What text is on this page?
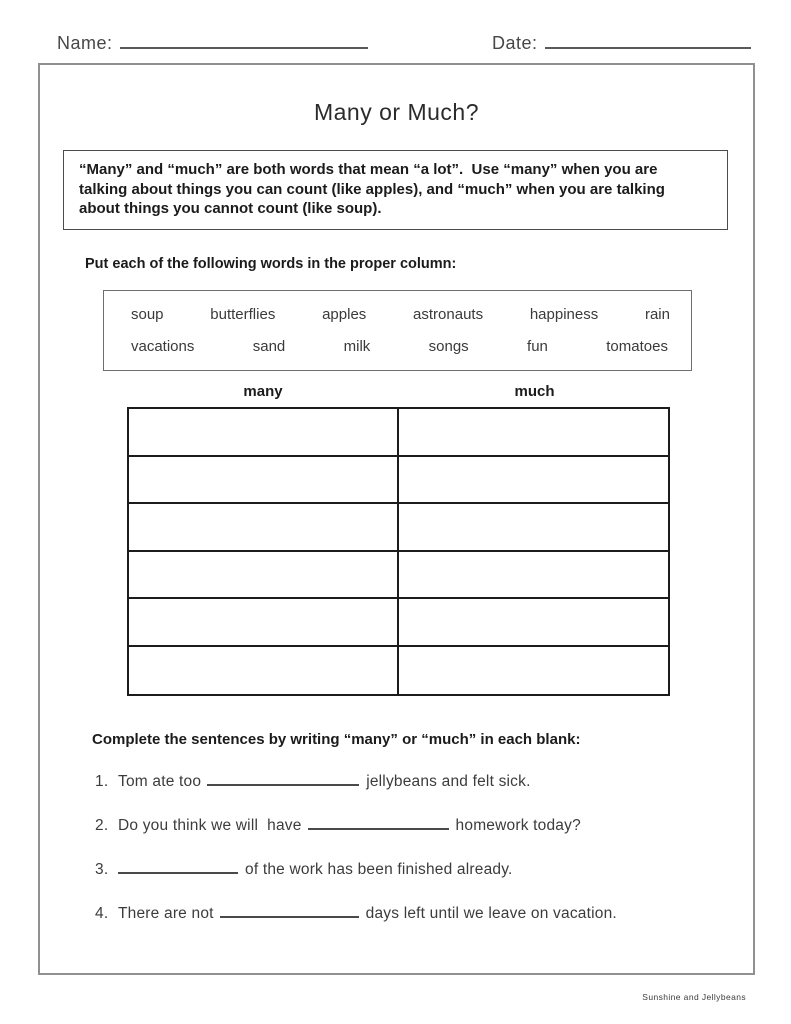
Name:	Date:
Many or Much?
“Many” and “much” are both words that mean “a lot”.  Use “many” when you are
talking about things you can count (like apples), and “much” when you are talking
about things you cannot count (like soup).
Put each of the following words in the proper column:
soup	butterflies	apples	astronauts	happiness	rain
vacations	sand	milk	songs	fun	tomatoes
many	much
Complete the sentences by writing “many” or “much” in each blank:
1. Tom ate too	jellybeans and felt sick.
2. Do you think we will  have	homework today?
3.	of the work has been finished already.
4. There are not	days left until we leave on vacation.
Sunshine and Jellybeans
